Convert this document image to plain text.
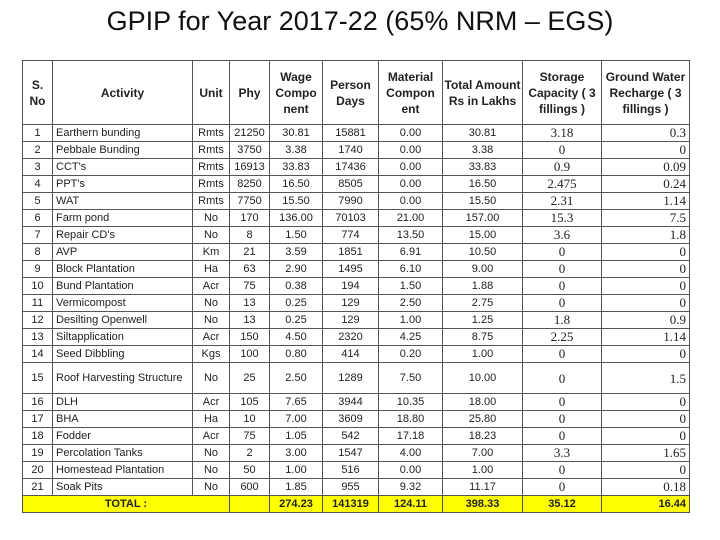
GPIP for Year 2017-22 (65% NRM – EGS)
S. No	Activity	Unit	Phy	Wage Compo nent	Person Days	Material Compon ent	Total Amount Rs in Lakhs	Storage Capacity ( 3 fillings )	Ground Water Recharge ( 3 fillings )
1	Earthern bunding	Rmts	21250	30.81	15881	0.00	30.81	3.18	0.3
2	Pebbale Bunding	Rmts	3750	3.38	1740	0.00	3.38	0	0
3	CCT's	Rmts	16913	33.83	17436	0.00	33.83	0.9	0.09
4	PPT's	Rmts	8250	16.50	8505	0.00	16.50	2.475	0.24
5	WAT	Rmts	7750	15.50	7990	0.00	15.50	2.31	1.14
6	Farm pond	No	170	136.00	70103	21.00	157.00	15.3	7.5
7	Repair CD's	No	8	1.50	774	13.50	15.00	3.6	1.8
8	AVP	Km	21	3.59	1851	6.91	10.50	0	0
9	Block Plantation	Ha	63	2.90	1495	6.10	9.00	0	0
10	Bund Plantation	Acr	75	0.38	194	1.50	1.88	0	0
11	Vermicompost	No	13	0.25	129	2.50	2.75	0	0
12	Desilting Openwell	No	13	0.25	129	1.00	1.25	1.8	0.9
13	Siltapplication	Acr	150	4.50	2320	4.25	8.75	2.25	1.14
14	Seed Dibbling	Kgs	100	0.80	414	0.20	1.00	0	0
15	Roof Harvesting Structure	No	25	2.50	1289	7.50	10.00	0	1.5
16	DLH	Acr	105	7.65	3944	10.35	18.00	0	0
17	BHA	Ha	10	7.00	3609	18.80	25.80	0	0
18	Fodder	Acr	75	1.05	542	17.18	18.23	0	0
19	Percolation Tanks	No	2	3.00	1547	4.00	7.00	3.3	1.65
20	Homestead Plantation	No	50	1.00	516	0.00	1.00	0	0
21	Soak Pits	No	600	1.85	955	9.32	11.17	0	0.18
TOTAL :				274.23	141319	124.11	398.33	35.12	16.44
